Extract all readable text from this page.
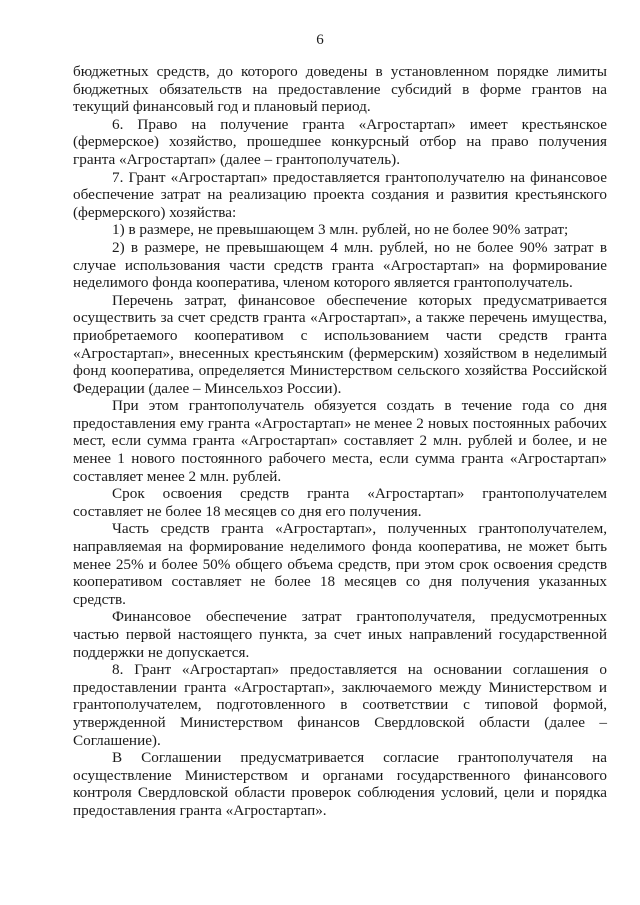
6

бюджетных средств, до которого доведены в установленном порядке лимиты бюджетных обязательств на предоставление субсидий в форме грантов на текущий финансовый год и плановый период.

6. Право на получение гранта «Агростартап» имеет крестьянское (фермерское) хозяйство, прошедшее конкурсный отбор на право получения гранта «Агростартап» (далее – грантополучатель).

7. Грант «Агростартап» предоставляется грантополучателю на финансовое обеспечение затрат на реализацию проекта создания и развития крестьянского (фермерского) хозяйства:

1) в размере, не превышающем 3 млн. рублей, но не более 90% затрат;

2) в размере, не превышающем 4 млн. рублей, но не более 90% затрат в случае использования части средств гранта «Агростартап» на формирование неделимого фонда кооператива, членом которого является грантополучатель.

Перечень затрат, финансовое обеспечение которых предусматривается осуществить за счет средств гранта «Агростартап», а также перечень имущества, приобретаемого кооперативом с использованием части средств гранта «Агростартап», внесенных крестьянским (фермерским) хозяйством в неделимый фонд кооператива, определяется Министерством сельского хозяйства Российской Федерации (далее – Минсельхоз России).

При этом грантополучатель обязуется создать в течение года со дня предоставления ему гранта «Агростартап» не менее 2 новых постоянных рабочих мест, если сумма гранта «Агростартап» составляет 2 млн. рублей и более, и не менее 1 нового постоянного рабочего места, если сумма гранта «Агростартап» составляет менее 2 млн. рублей.

Срок освоения средств гранта «Агростартап» грантополучателем составляет не более 18 месяцев со дня его получения.

Часть средств гранта «Агростартап», полученных грантополучателем, направляемая на формирование неделимого фонда кооператива, не может быть менее 25% и более 50% общего объема средств, при этом срок освоения средств кооперативом составляет не более 18 месяцев со дня получения указанных средств.

Финансовое обеспечение затрат грантополучателя, предусмотренных частью первой настоящего пункта, за счет иных направлений государственной поддержки не допускается.

8. Грант «Агростартап» предоставляется на основании соглашения о предоставлении гранта «Агростартап», заключаемого между Министерством и грантополучателем, подготовленного в соответствии с типовой формой, утвержденной Министерством финансов Свердловской области (далее – Соглашение).

В Соглашении предусматривается согласие грантополучателя на осуществление Министерством и органами государственного финансового контроля Свердловской области проверок соблюдения условий, цели и порядка предоставления гранта «Агростартап».
